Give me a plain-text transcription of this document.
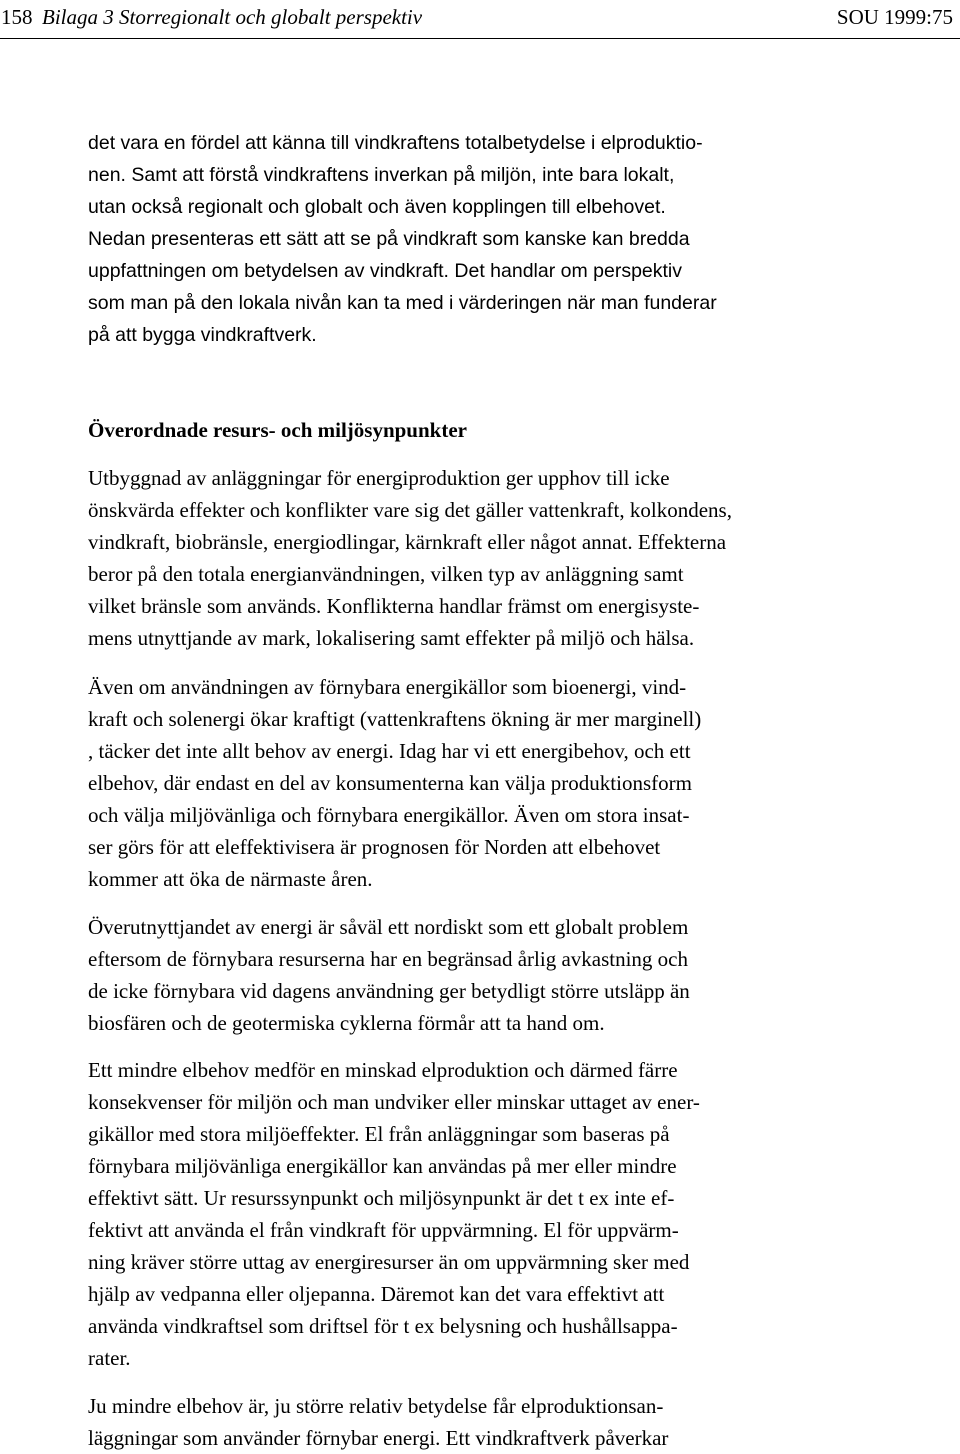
158 Bilaga 3 Storregionalt och globalt perspektiv	SOU 1999:75
det vara en fördel att känna till vindkraftens totalbetydelse i elproduktio-
nen. Samt att förstå vindkraftens inverkan på miljön, inte bara lokalt,
utan också regionalt och globalt och även kopplingen till elbehovet.
Nedan presenteras ett sätt att se på vindkraft som kanske kan bredda
uppfattningen om betydelsen av vindkraft. Det handlar om perspektiv
som man på den lokala nivån kan ta med i värderingen när man funderar
på att bygga vindkraftverk.
Överordnade resurs- och miljösynpunkter
Utbyggnad av anläggningar för energiproduktion ger upphov till icke
önskvärda effekter och konflikter vare sig det gäller vattenkraft, kolkondens,
vindkraft, biobränsle, energiodlingar, kärnkraft eller något annat. Effekterna
beror på den totala energianvändningen, vilken typ av anläggning samt
vilket bränsle som används. Konflikterna handlar främst om energisyste-
mens utnyttjande av mark, lokalisering samt effekter på miljö och hälsa.
Även om användningen av förnybara energikällor som bioenergi, vind-
kraft och solenergi ökar kraftigt (vattenkraftens ökning är mer marginell)
, täcker det inte allt behov av energi. Idag har vi ett energibehov, och ett
elbehov, där endast en del av konsumenterna kan välja produktionsform
och välja miljövänliga och förnybara energikällor. Även om stora insat-
ser görs för att eleffektivisera är prognosen för Norden att elbehovet
kommer att öka de närmaste åren.
Överutnyttjandet av energi är såväl ett nordiskt som ett globalt problem
eftersom de förnybara resurserna har en begränsad årlig avkastning och
de icke förnybara vid dagens användning ger betydligt större utsläpp än
biosfären och de geotermiska cyklerna förmår att ta hand om.
Ett mindre elbehov medför en minskad elproduktion och därmed färre
konsekvenser för miljön och man undviker eller minskar uttaget av ener-
gikällor med stora miljöeffekter. El från anläggningar som baseras på
förnybara miljövänliga energikällor kan användas på mer eller mindre
effektivt sätt. Ur resurssynpunkt och miljösynpunkt är det t ex inte ef-
fektivt att använda el från vindkraft för uppvärmning. El för uppvärm-
ning kräver större uttag av energiresurser än om uppvärmning sker med
hjälp av vedpanna eller oljepanna. Däremot kan det vara effektivt att
använda vindkraftsel som driftsel för t ex belysning och hushållsappa-
rater.
Ju mindre elbehov är, ju större relativ betydelse får elproduktionsan-
läggningar som använder förnybar energi. Ett vindkraftverk påverkar
